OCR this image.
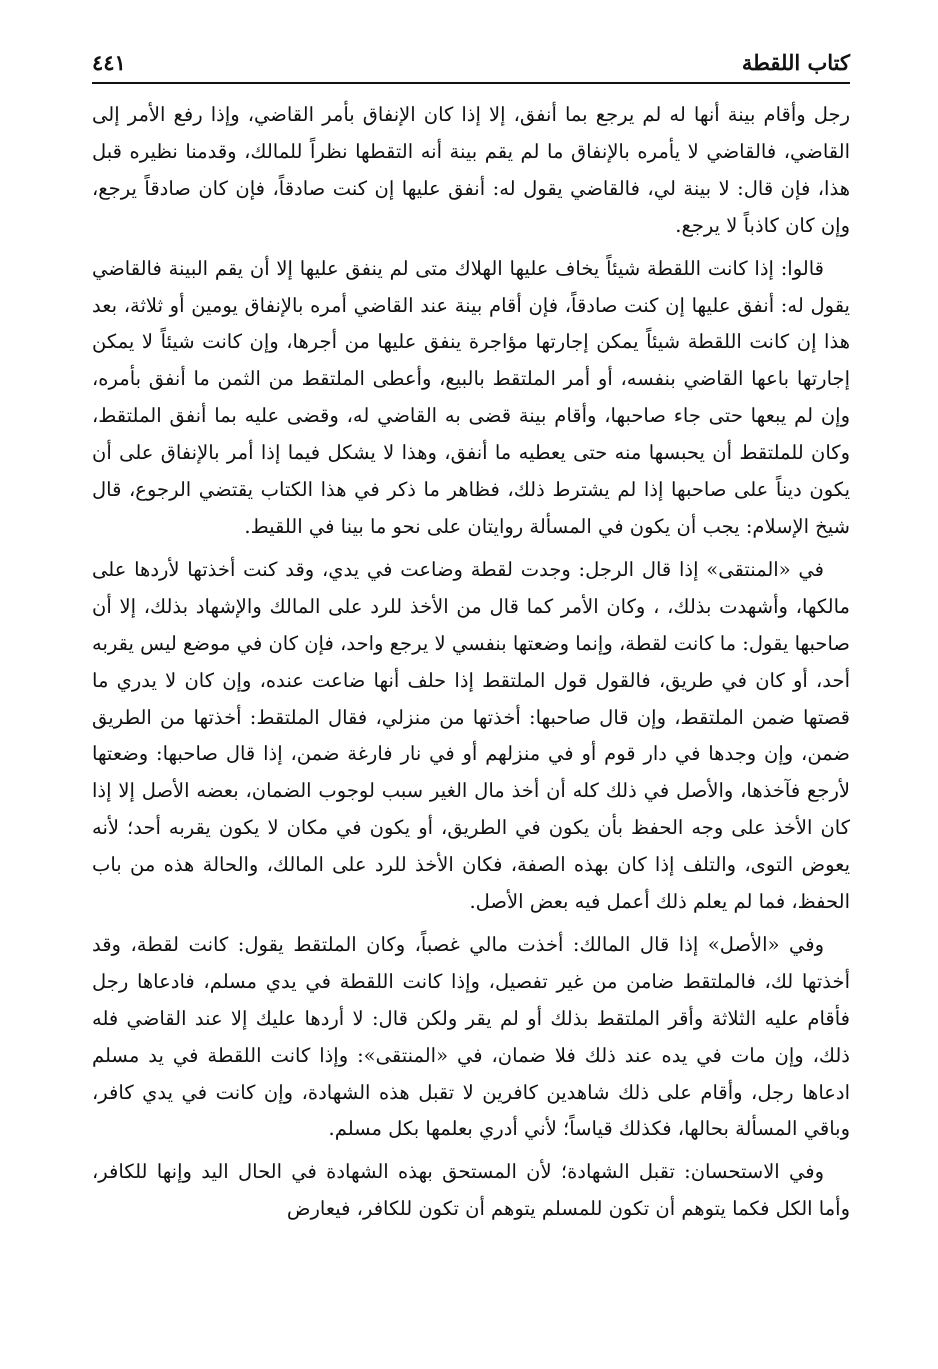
كتاب اللقطة
٤٤١

رجل وأقام بينة أنها له لم يرجع بما أنفق، إلا إذا كان الإنفاق بأمر القاضي، وإذا رفع الأمر إلى القاضي، فالقاضي لا يأمره بالإنفاق ما لم يقم بينة أنه التقطها نظراً للمالك، وقدمنا نظيره قبل هذا، فإن قال: لا بينة لي، فالقاضي يقول له: أنفق عليها إن كنت صادقاً، فإن كان صادقاً يرجع، وإن كان كاذباً لا يرجع.

قالوا: إذا كانت اللقطة شيئاً يخاف عليها الهلاك متى لم ينفق عليها إلا أن يقم البينة فالقاضي يقول له: أنفق عليها إن كنت صادقاً، فإن أقام بينة عند القاضي أمره بالإنفاق يومين أو ثلاثة، بعد هذا إن كانت اللقطة شيئاً يمكن إجارتها مؤاجرة ينفق عليها من أجرها، وإن كانت شيئاً لا يمكن إجارتها باعها القاضي بنفسه، أو أمر الملتقط بالبيع، وأعطى الملتقط من الثمن ما أنفق بأمره، وإن لم يبعها حتى جاء صاحبها، وأقام بينة قضى به القاضي له، وقضى عليه بما أنفق الملتقط، وكان للملتقط أن يحبسها منه حتى يعطيه ما أنفق، وهذا لا يشكل فيما إذا أمر بالإنفاق على أن يكون ديناً على صاحبها إذا لم يشترط ذلك، فظاهر ما ذكر في هذا الكتاب يقتضي الرجوع، قال شيخ الإسلام: يجب أن يكون في المسألة روايتان على نحو ما بينا في اللقيط.

في «المنتقى» إذا قال الرجل: وجدت لقطة وضاعت في يدي، وقد كنت أخذتها لأردها على مالكها، وأشهدت بذلك، ، وكان الأمر كما قال من الأخذ للرد على المالك والإشهاد بذلك، إلا أن صاحبها يقول: ما كانت لقطة، وإنما وضعتها بنفسي لا يرجع واحد، فإن كان في موضع ليس يقربه أحد، أو كان في طريق، فالقول قول الملتقط إذا حلف أنها ضاعت عنده، وإن كان لا يدري ما قصتها ضمن الملتقط، وإن قال صاحبها: أخذتها من منزلي، فقال الملتقط: أخذتها من الطريق ضمن، وإن وجدها في دار قوم أو في منزلهم أو في نار فارغة ضمن، إذا قال صاحبها: وضعتها لأرجع فآخذها، والأصل في ذلك كله أن أخذ مال الغير سبب لوجوب الضمان، بعضه الأصل إلا إذا كان الأخذ على وجه الحفظ بأن يكون في الطريق، أو يكون في مكان لا يكون يقربه أحد؛ لأنه يعوض التوى، والتلف إذا كان بهذه الصفة، فكان الأخذ للرد على المالك، والحالة هذه من باب الحفظ، فما لم يعلم ذلك أعمل فيه بعض الأصل.

وفي «الأصل» إذا قال المالك: أخذت مالي غصباً، وكان الملتقط يقول: كانت لقطة، وقد أخذتها لك، فالملتقط ضامن من غير تفصيل، وإذا كانت اللقطة في يدي مسلم، فادعاها رجل فأقام عليه الثلاثة وأقر الملتقط بذلك أو لم يقر ولكن قال: لا أردها عليك إلا عند القاضي فله ذلك، وإن مات في يده عند ذلك فلا ضمان، في «المنتقى»: وإذا كانت اللقطة في يد مسلم ادعاها رجل، وأقام على ذلك شاهدين كافرين لا تقبل هذه الشهادة، وإن كانت في يدي كافر، وباقي المسألة بحالها، فكذلك قياساً؛ لأني أدري بعلمها بكل مسلم.

وفي الاستحسان: تقبل الشهادة؛ لأن المستحق بهذه الشهادة في الحال اليد وإنها للكافر، وأما الكل فكما يتوهم أن تكون للمسلم يتوهم أن تكون للكافر، فيعارض
